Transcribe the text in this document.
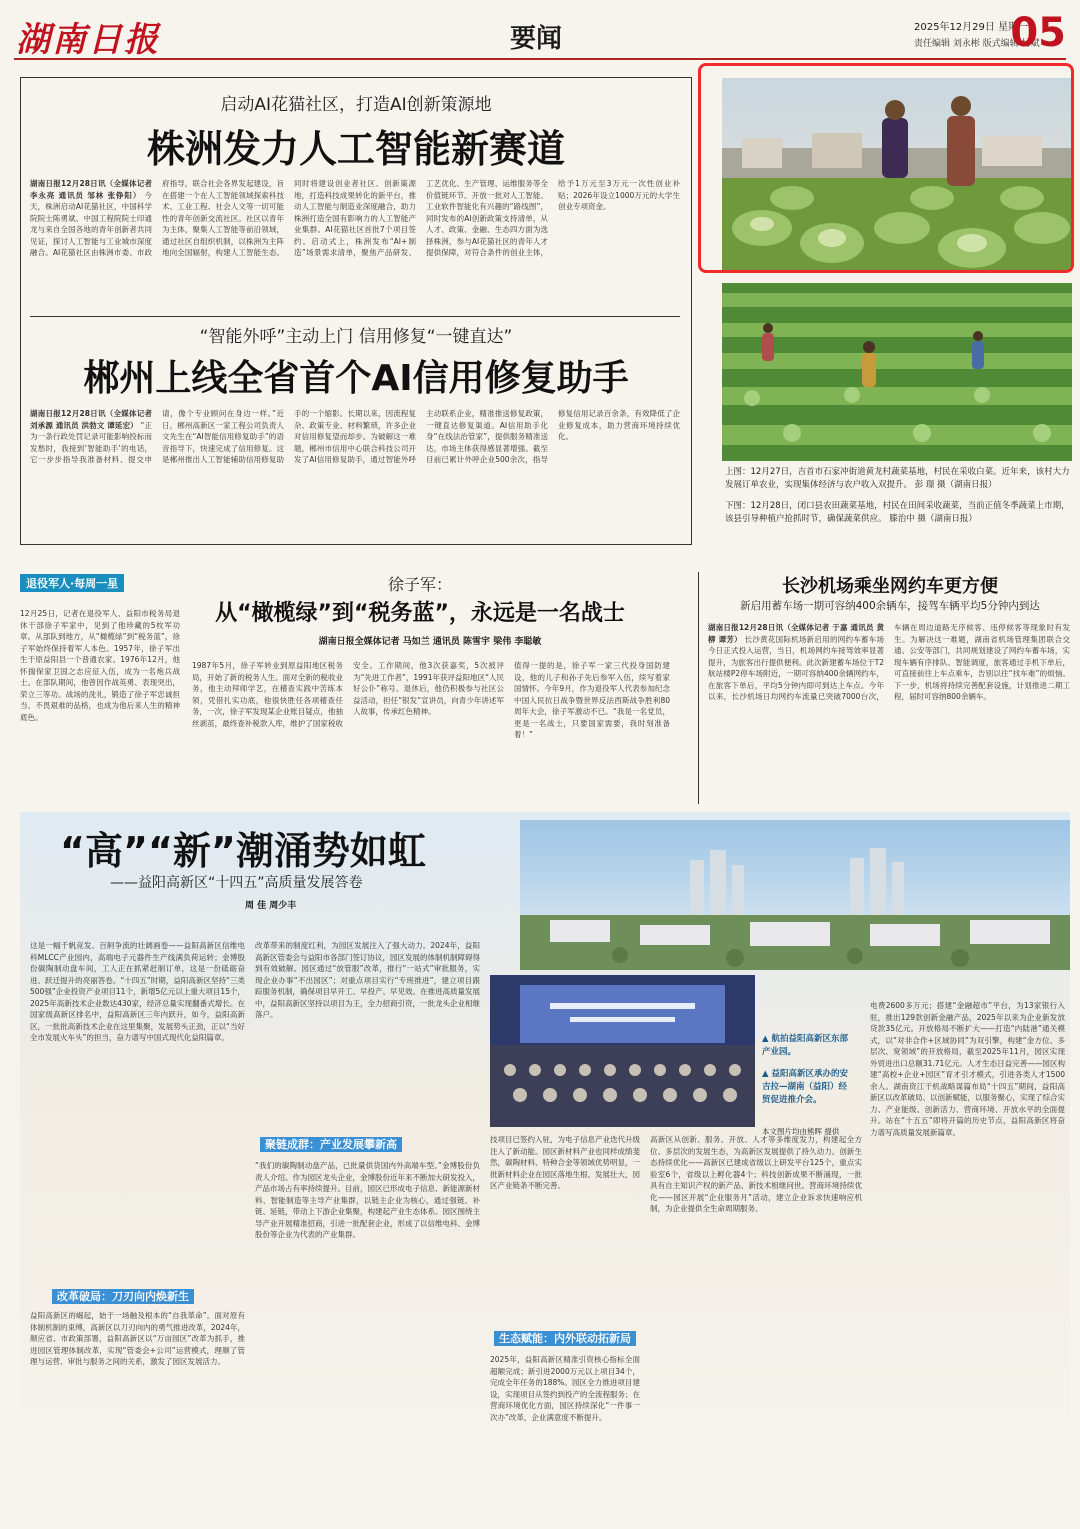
湖南日报	要闻	2025年12月29日 星期一
责任编辑 刘永彬 版式编辑 杨斌
05
启动AI花猫社区，打造AI创新策源地
株洲发力人工智能新赛道
湖南日报12月28日讯（全媒体记者 李永亮 通讯员 邹林 张铮阳） 今天，株洲启动AI花猫社区，中国科学院院士陈勇斌、中国工程院院士印通龙与来自全国各地的青年创新者共同见证，探讨人工智能与工业城市深度融合。AI花猫社区由株洲市委、市政府指导，联合社会各界发起建设，旨在搭建一个在人工智能领域探索科技术、工业工程、社会人文等一切可能性的青年创新交流社区。社区以青年为主体，聚集人工智能等前沿领域，通过社区自组织机制，以株洲为主阵地向全国辐射，构建人工智能生态。同时将建设创业者社区、创新策源地，打造科技成果转化的新平台，推动人工智能与制造业深度融合，助力株洲打造全国有影响力的人工智能产业集群。AI花猫社区首批7个项目签约。启动式上，株洲发布“AI+制造”场景需求清单，聚焦产品研发、工艺优化、生产管理、运维服务等全价值链环节。开放一批对人工智能、工业软件智能化有兴趣的“路线图”，同时发布的AI创新政策支持清单，从人才、政策、金融、生态四方面为选择株洲，参与AI花猫社区的青年人才提供保障，对符合条件的创业主体，给予1万元至3万元一次性创业补贴；2026年设立1000万元的大学生创业专项资金。
“智能外呼”主动上门 信用修复“一键直达”
郴州上线全省首个AI信用修复助手
湖南日报12月28日讯（全媒体记者 刘承源 通讯员 洪勃文 谭延宏） “正为一条行政处罚记录可能影响投标而发愁时，我接到‘智能助手’的电话，它一步步指导我准备材料、提交申请，像个专业顾问在身边一样。”近日，郴州高新区一家工程公司负责人文先生在“AI智能信用修复助手”的语音指导下，快速完成了信用修复。这是郴州推出人工智能辅助信用修复助手的一个缩影。长期以来，因流程复杂、政策专业、材料繁琐，许多企业对信用修复望而却步。为破解这一难题，郴州市信用中心联合科技公司开发了AI信用修复助手，通过智能外呼主动联系企业，精准推送修复政策，一键直达修复渠道。AI信用助手化身“在线法治管家”，提供服务精准送达，市场主体获得感显著增强。截至目前已累计外呼企业500余次，指导修复信用记录百余条，有效降低了企业修复成本，助力营商环境持续优化。
上图：12月27日，吉首市石家冲街道黄龙村蔬菜基地，村民在采收白菜。近年来，该村大力发展订单农业，实现集体经济与农户收入双提升。 彭 璟 摄（湖南日报）
下图：12月28日，闭口县农田蔬菜基地，村民在田间采收蔬菜，当前正值冬季蔬菜上市期，该县引导种植户抢抓时节，确保蔬菜供应。 滕治中 摄（湖南日报）
退役军人·每周一星	徐子军：
从“橄榄绿”到“税务蓝”，永远是一名战士
湖南日报全媒体记者 马如兰 通讯员 陈雪宇 梁伟 李聪敏
12月25日，记者在退役军人、益阳市税务局退休干部徐子军家中，见到了他珍藏的5枚军功章。从部队到地方，从“橄榄绿”到“税务蓝”，徐子军始终保持着军人本色。1957年，徐子军出生于原益阳县一个普通农家。1976年12月，他怀揣保家卫国之志应征入伍，成为一名炮兵战士。在部队期间，他曾因作战英勇、表现突出，荣立三等功。战场的洗礼，锻造了徐子军忠诚担当、不畏艰难的品格，也成为他后来人生的精神底色。
1987年5月，徐子军转业到原益阳地区税务局，开始了新的税务人生。面对全新的税收业务，他主动拜师学艺，在稽查实践中苦练本领，凭借扎实功底，他很快胜任各项稽查任务，一次，徐子军发现某企业账目疑点，他抽丝剥茧，最终查补税款入库，维护了国家税收安全。工作期间，他3次获嘉奖，5次被评为“先进工作者”，1991年获评益阳地区“人民好公仆”称号。退休后，他仍积极参与社区公益活动，担任“银发”宣讲员，向青少年讲述军人故事，传承红色精神。
值得一提的是，徐子军一家三代投身国防建设，他的儿子和孙子先后参军入伍，续写着家国情怀。今年9月，作为退役军人代表参加纪念中国人民抗日战争暨世界反法西斯战争胜利80周年大会，徐子军激动不已。“我是一名党员，更是一名战士，只要国家需要，我时刻准备着！”
长沙机场乘坐网约车更方便
新启用蓄车场一期可容纳400余辆车，接驾车辆平均5分钟内到达
湖南日报12月28日讯（全媒体记者 于嘉 通讯员 黄柳 谭芳） 长沙黄花国际机场新启用的网约车蓄车场今日正式投入运营，当日，机场网约车接驾效率显著提升，为旅客出行提供便利。此次新建蓄车场位于T2航站楼P2停车场附近，一期可容纳400余辆网约车，在旅客下单后，平均5分钟内即可到达上车点。今年以来，长沙机场日均网约车流量已突破7000台次，车辆在周边道路无序候客、违停候客等现象时有发生。为解决这一难题，湖南省机场管理集团联合交通、公安等部门，共同规划建设了网约车蓄车场，实现车辆有序排队、智能调度，旅客通过手机下单后，可直接前往上车点乘车，告别以往“找车难”的烦恼。下一步，机场将持续完善配套设施，计划推进二期工程，届时可容纳800余辆车。
“高”“新”潮涌势如虹
——益阳高新区“十四五”高质量发展答卷
周 佳 周少丰
▲ 航拍益阳高新区东部产业园。
▲ 益阳高新区承办的安吉拉—湖南（益阳）经贸促进推介会。
本文图片均由熊晖 提供
这是一幅千帆竞发、百舸争流的壮阔画卷——益阳高新区信维电科MLCC产业园内，高端电子元器件生产线满负荷运转；金博股份碳陶制动盘车间，工人正在抓紧赶制订单，这是一份砥砺奋进、跃迁提升的亮丽答卷。“十四五”时期，益阳高新区坚持“三类500强”企业投资产业项目11个，新增5亿元以上重大项目15个，2025年高新技术企业数达430家，经济总量实现翻番式增长。在国家级高新区排名中，益阳高新区三年内跃升，如今，益阳高新区，一批批高新技术企业在这里集聚，发展势头正劲，正以“当好全市发展火车头”的担当，奋力谱写中国式现代化益阳篇章。
改革破局：刀刃向内焕新生
益阳高新区的崛起，始于一场触及根本的“自我革命”。面对原有体制机制的束缚，高新区以刀刃向内的勇气推进改革，2024年，顺应省、市政策部署，益阳高新区以“万亩园区”改革为抓手，推进园区管理体制改革，实现“管委会+公司”运营模式，理顺了管理与运营、审批与服务之间的关系，激发了园区发展活力。
改革带来的制度红利，为园区发展注入了强大动力。2024年，益阳高新区管委会与益阳市各部门签订协议，园区发展的体制机制障碍得到有效破解。园区通过“放管服”改革，推行“一站式”审批服务，实现企业办事“不出园区”；对重点项目实行“专班推进”，建立项目跟踪服务机制，确保项目早开工、早投产、早见效。在推进高质量发展中，益阳高新区坚持以项目为王，全力招商引资，一批龙头企业相继落户。
聚链成群：产业发展攀新高
“我们的碳陶制动盘产品，已批量供货国内外高端车型。”金博股份负责人介绍。作为园区龙头企业，金博股份近年来不断加大研发投入，产品市场占有率持续提升。目前，园区已形成电子信息、新能源新材料、智能制造等主导产业集群，以链主企业为核心，通过强链、补链、延链，带动上下游企业集聚，构建起产业生态体系。园区围绕主导产业开展精准招商，引进一批配套企业，形成了以信维电科、金博股份等企业为代表的产业集群。
技项目已签约入驻，为电子信息产业迭代升级注入了新动能。园区新材料产业也同样成绩斐然，碳陶材料、特种合金等领域优势明显，一批新材料企业在园区落地生根、发展壮大，园区产业链条不断完善。
生态赋能：内外联动拓新局
2025年，益阳高新区精准引资核心指标全面超额完成；新引进2000万元以上项目34个，完成全年任务的188%。园区全力推进项目建设，实现项目从签约到投产的全流程服务；在营商环境优化方面，园区持续深化“一件事一次办”改革，企业满意度不断提升。
高新区从创新、服务、开放、人才等多维度发力，构建起全方位、多层次的发展生态，为高新区发展提供了持久动力。创新生态持续优化——高新区已建成省级以上研发平台125个，重点实验室6个，省级以上孵化器4个；科技创新成果不断涌现，一批具有自主知识产权的新产品、新技术相继问世。营商环境持续优化——园区开展“企业服务月”活动，建立企业诉求快速响应机制，为企业提供全生命周期服务。
电费2600多万元；搭建“金融超市”平台，为13家银行入驻，推出129款创新金融产品，2025年以来为企业新发放贷款35亿元。开放格局不断扩大——打造“内陆港”通关模式，以“对非合作+区域协同”为双引擎，构建“金方位、多层次、宽领域”的开放格局，截至2025年11月，园区实现外贸进出口总额31.71亿元。人才生态日益完善——园区构建“高校+企业+园区”育才引才模式，引进各类人才1500余人。湖南资江干机战略谋篇布局“十四五”期间，益阳高新区以改革破局、以创新赋能，以服务聚心，实现了综合实力、产业能级、创新活力、营商环境、开放水平的全面提升。站在“十五五”即将开篇的历史节点，益阳高新区将奋力谱写高质量发展新篇章。
